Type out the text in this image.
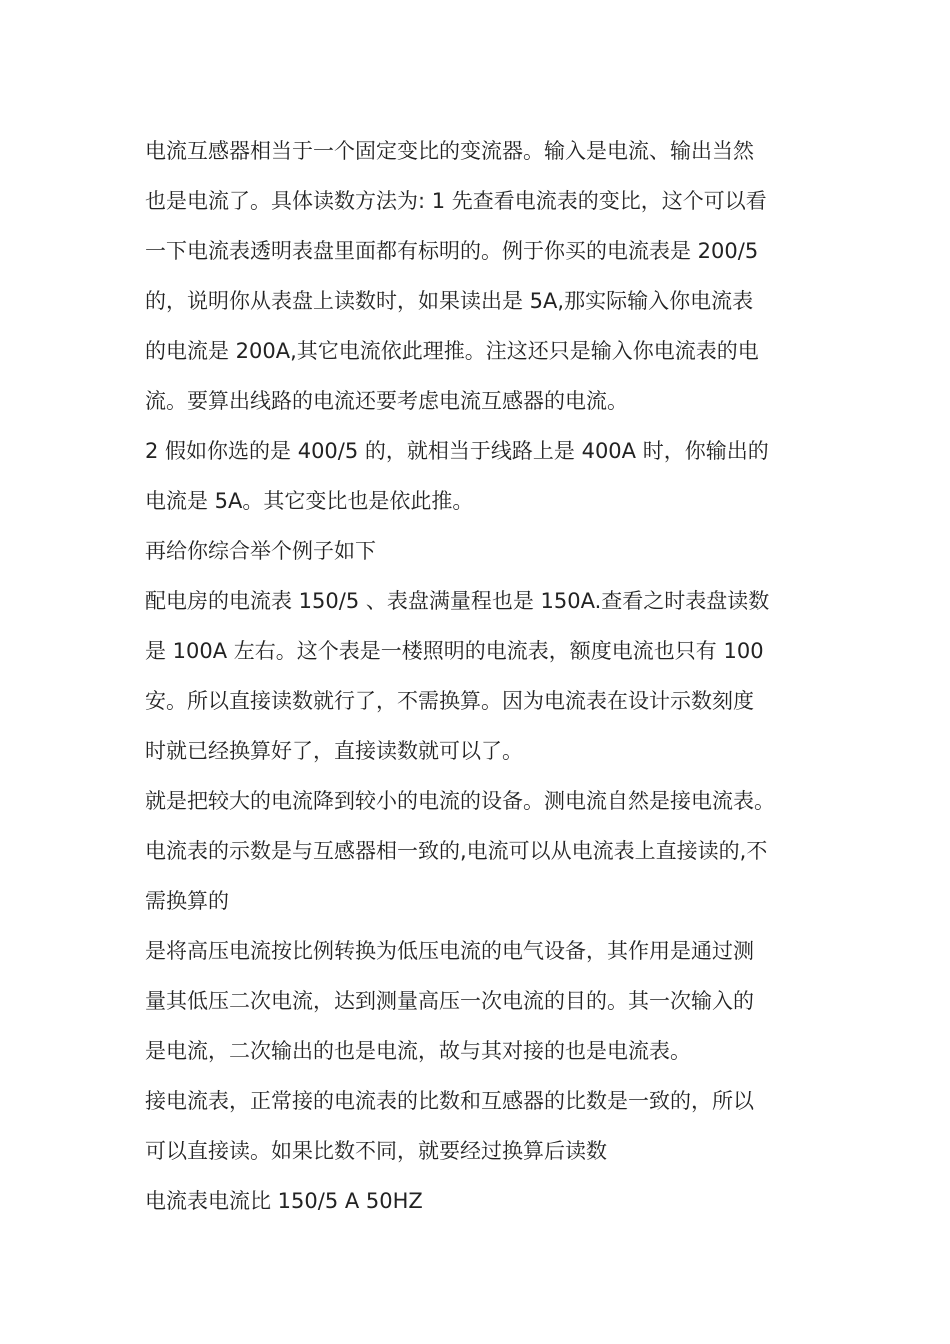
电流互感器相当于一个固定变比的变流器。输入是电流、输出当然
也是电流了。具体读数方法为: 1 先查看电流表的变比，这个可以看
一下电流表透明表盘里面都有标明的。例于你买的电流表是 200/5
的，说明你从表盘上读数时，如果读出是 5A,那实际输入你电流表
的电流是 200A,其它电流依此理推。注这还只是输入你电流表的电
流。要算出线路的电流还要考虑电流互感器的电流。

2 假如你选的是 400/5 的，就相当于线路上是 400A 时，你输出的
电流是 5A。其它变比也是依此推。

再给你综合举个例子如下

配电房的电流表 150/5 、表盘满量程也是 150A.查看之时表盘读数
是 100A 左右。这个表是一楼照明的电流表，额度电流也只有 100
安。所以直接读数就行了，不需换算。因为电流表在设计示数刻度
时就已经换算好了，直接读数就可以了。

就是把较大的电流降到较小的电流的设备。测电流自然是接电流表。

电流表的示数是与互感器相一致的,电流可以从电流表上直接读的,不
需换算的

是将高压电流按比例转换为低压电流的电气设备，其作用是通过测
量其低压二次电流，达到测量高压一次电流的目的。其一次输入的
是电流，二次输出的也是电流，故与其对接的也是电流表。

接电流表，正常接的电流表的比数和互感器的比数是一致的，所以
可以直接读。如果比数不同，就要经过换算后读数

电流表电流比 150/5 A 50HZ
